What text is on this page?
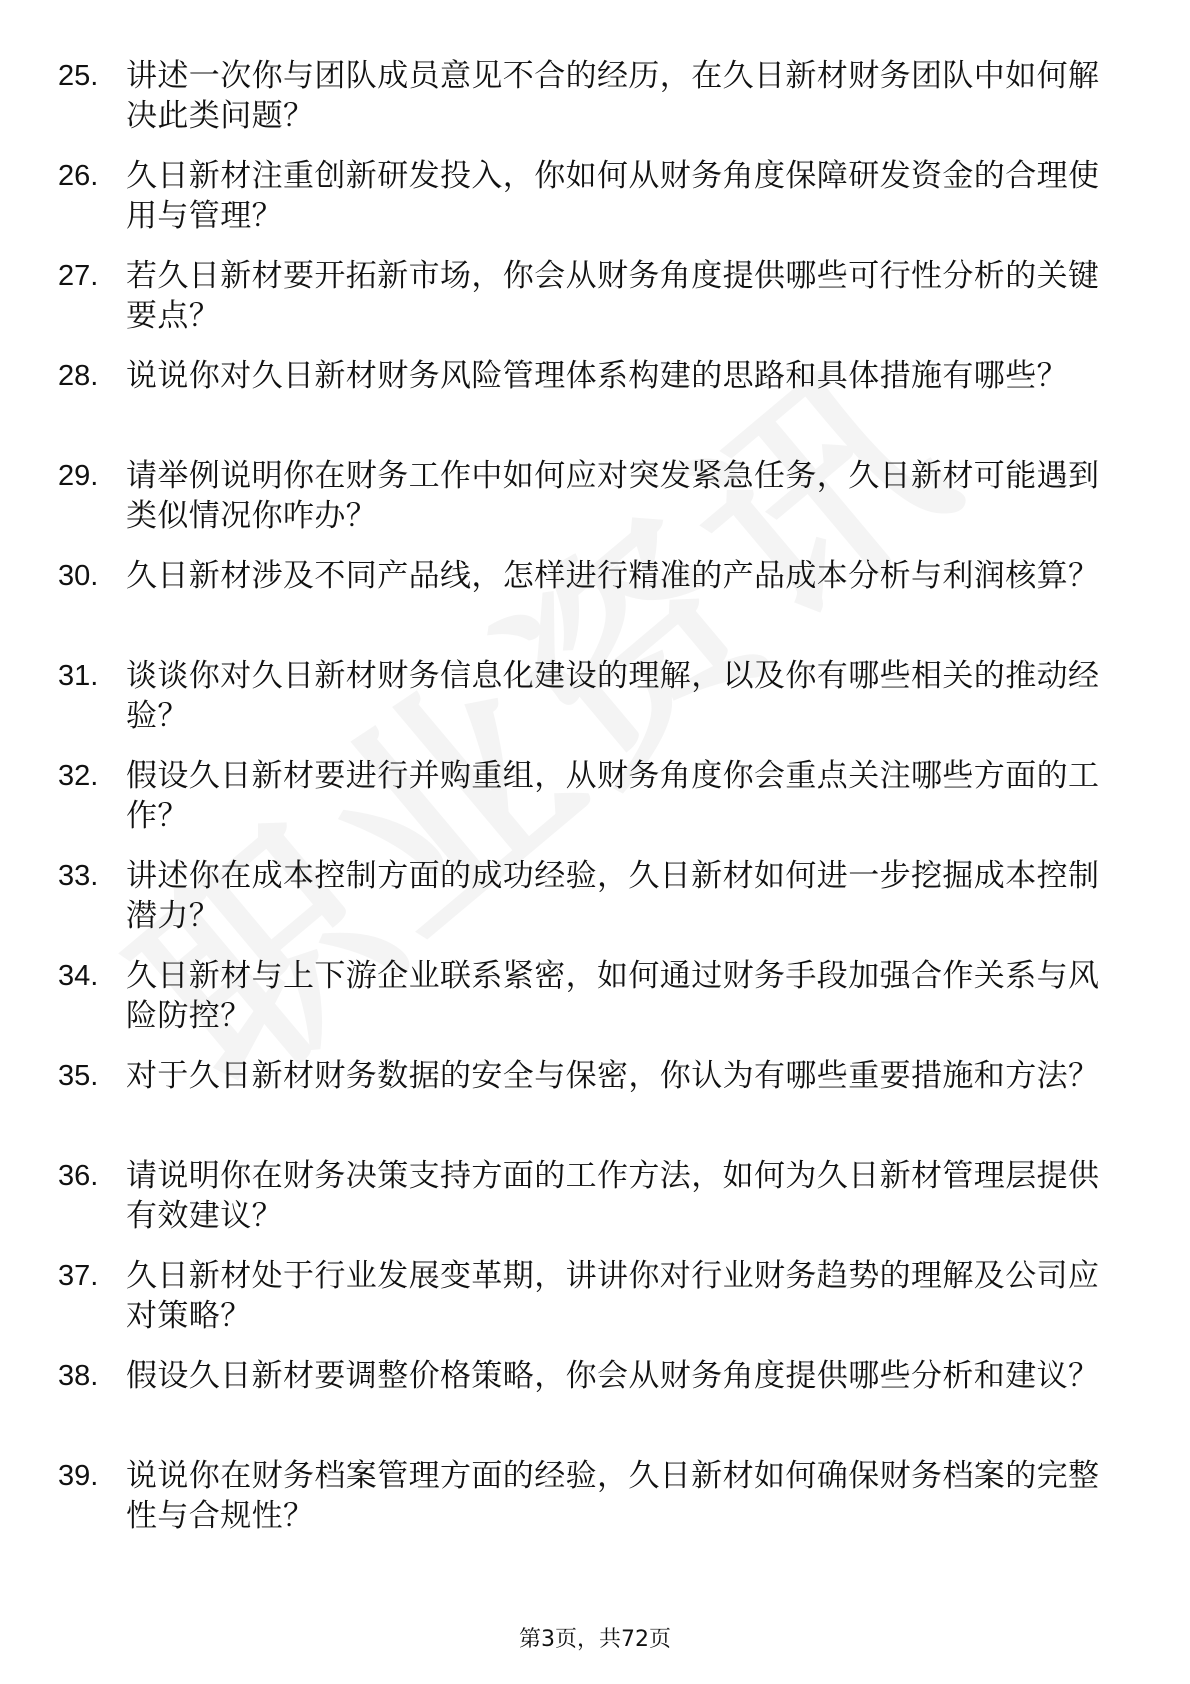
25. 讲述一次你与团队成员意见不合的经历，在久日新材财务团队中如何解决此类问题？
26. 久日新材注重创新研发投入，你如何从财务角度保障研发资金的合理使用与管理？
27. 若久日新材要开拓新市场，你会从财务角度提供哪些可行性分析的关键要点？
28. 说说你对久日新材财务风险管理体系构建的思路和具体措施有哪些？
29. 请举例说明你在财务工作中如何应对突发紧急任务，久日新材可能遇到类似情况你咋办？
30. 久日新材涉及不同产品线，怎样进行精准的产品成本分析与利润核算？
31. 谈谈你对久日新材财务信息化建设的理解，以及你有哪些相关的推动经验？
32. 假设久日新材要进行并购重组，从财务角度你会重点关注哪些方面的工作？
33. 讲述你在成本控制方面的成功经验，久日新材如何进一步挖掘成本控制潜力？
34. 久日新材与上下游企业联系紧密，如何通过财务手段加强合作关系与风险防控？
35. 对于久日新材财务数据的安全与保密，你认为有哪些重要措施和方法？
36. 请说明你在财务决策支持方面的工作方法，如何为久日新材管理层提供有效建议？
37. 久日新材处于行业发展变革期，讲讲你对行业财务趋势的理解及公司应对策略？
38. 假设久日新材要调整价格策略，你会从财务角度提供哪些分析和建议？
39. 说说你在财务档案管理方面的经验，久日新材如何确保财务档案的完整性与合规性？
第3页，共72页
